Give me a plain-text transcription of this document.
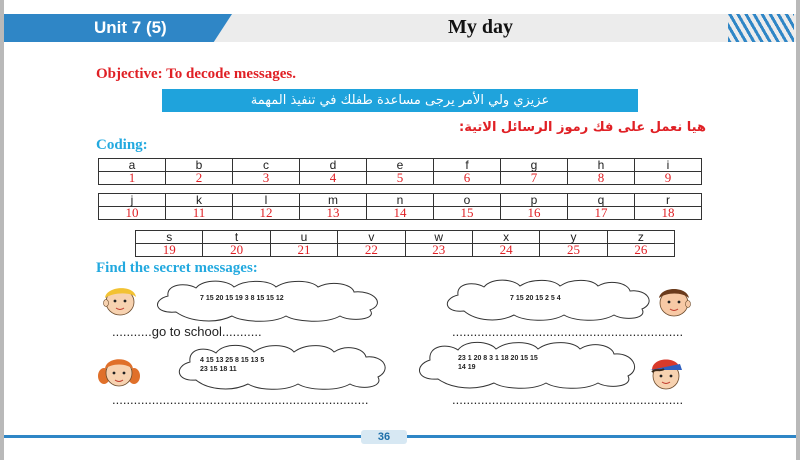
Unit 7 (5)	My day
Objective: To decode messages.
عزيزي ولي الأمر يرجى مساعدة طفلك في تنفيذ المهمة
هيا نعمل على فك رموز الرسائل الاتية:
Coding:
a	b	c	d	e	f	g	h	i
1	2	3	4	5	6	7	8	9
j	k	l	m	n	o	p	q	r
10	11	12	13	14	15	16	17	18
s	t	u	v	w	x	y	z
19	20	21	22	23	24	25	26
Find the secret messages:
7 15 20 15 19 3 8 15 15 12	7 15 20 15 2 5 4
4 15 13 25 8 15 13 5
23 15 18 11
23 1 20 8 3 1 18 20 15 15
14 19
...........go to school...........	................................................................
.......................................................................	................................................................
36
